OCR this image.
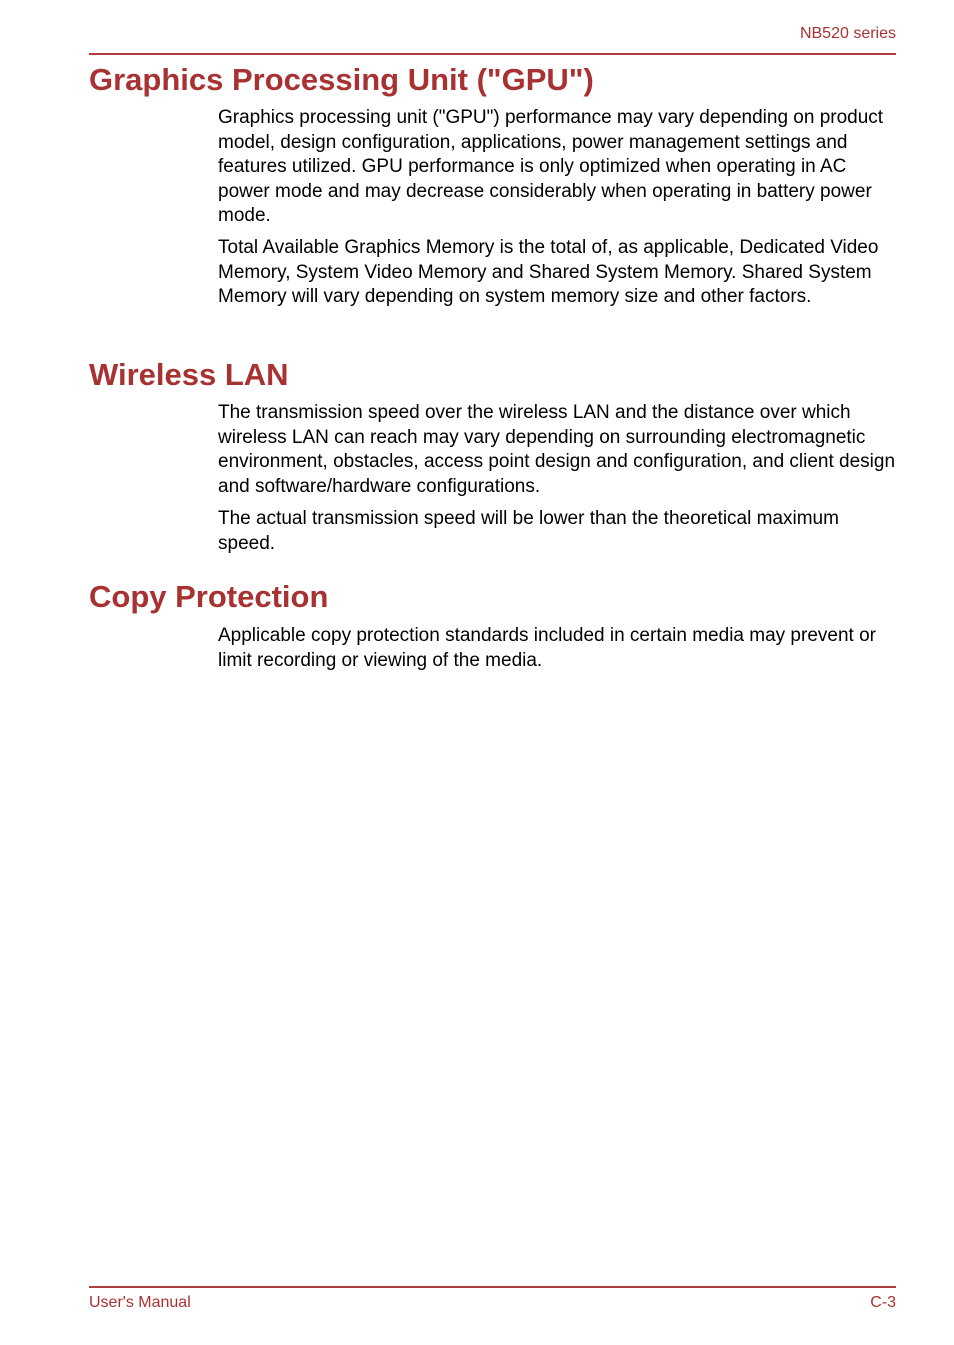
NB520 series
Graphics Processing Unit ("GPU")

Graphics processing unit ("GPU") performance may vary depending on product model, design configuration, applications, power management settings and features utilized. GPU performance is only optimized when operating in AC power mode and may decrease considerably when operating in battery power mode.

Total Available Graphics Memory is the total of, as applicable, Dedicated Video Memory, System Video Memory and Shared System Memory. Shared System Memory will vary depending on system memory size and other factors.

Wireless LAN

The transmission speed over the wireless LAN and the distance over which wireless LAN can reach may vary depending on surrounding electromagnetic environment, obstacles, access point design and configuration, and client design and software/hardware configurations.

The actual transmission speed will be lower than the theoretical maximum speed.

Copy Protection

Applicable copy protection standards included in certain media may prevent or limit recording or viewing of the media.

User's Manual	C-3
